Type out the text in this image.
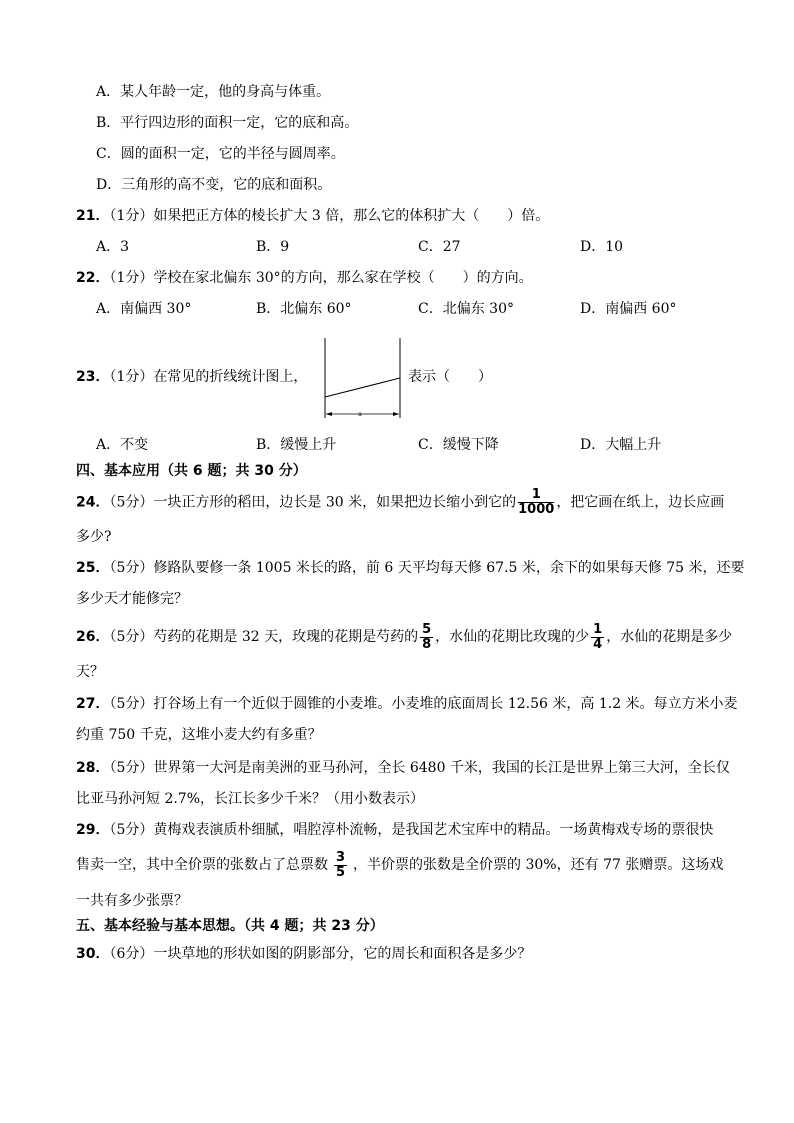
A．某人年龄一定，他的身高与体重。
B．平行四边形的面积一定，它的底和高。
C．圆的面积一定，它的半径与圆周率。
D．三角形的高不变，它的底和面积。
21．（1分）如果把正方体的棱长扩大 3 倍，那么它的体积扩大（　　）倍。
A．3	B．9	C．27	D．10
22．（1分）学校在家北偏东 30°的方向，那么家在学校（　　）的方向。
A．南偏西 30°	B．北偏东 60°	C．北偏东 30°	D．南偏西 60°
23．（1分）在常见的折线统计图上，
a
表示（　　）
A．不变	B．缓慢上升	C．缓慢下降	D．大幅上升
四、基本应用（共 6 题；共 30 分）
24．（5分）一块正方形的稻田，边长是 30 米，如果把边长缩小到它的 $\frac{1}{1000}$ ，把它画在纸上，边长应画
多少?
25．（5分）修路队要修一条 1005 米长的路，前 6 天平均每天修 67.5 米，余下的如果每天修 75 米，还要
多少天才能修完？
26．（5分）芍药的花期是 32 天，玫瑰的花期是芍药的 $\frac{5}{8}$ ，水仙的花期比玫瑰的少 $\frac{1}{4}$ ，水仙的花期是多少
天？
27．（5分）打谷场上有一个近似于圆锥的小麦堆。小麦堆的底面周长 12.56 米，高 1.2 米。每立方米小麦
约重 750 千克，这堆小麦大约有多重？
28．（5分）世界第一大河是南美洲的亚马孙河，全长 6480 千米，我国的长江是世界上第三大河，全长仅
比亚马孙河短 2.7%，长江长多少千米？（用小数表示）
29．（5分）黄梅戏表演质朴细腻，唱腔淳朴流畅，是我国艺术宝库中的精品。一场黄梅戏专场的票很快
售卖一空，其中全价票的张数占了总票数 $\frac{3}{5}$ ，半价票的张数是全价票的 30%，还有 77 张赠票。这场戏
一共有多少张票？
五、基本经验与基本思想。（共 4 题；共 23 分）
30．（6分）一块草地的形状如图的阴影部分，它的周长和面积各是多少？
